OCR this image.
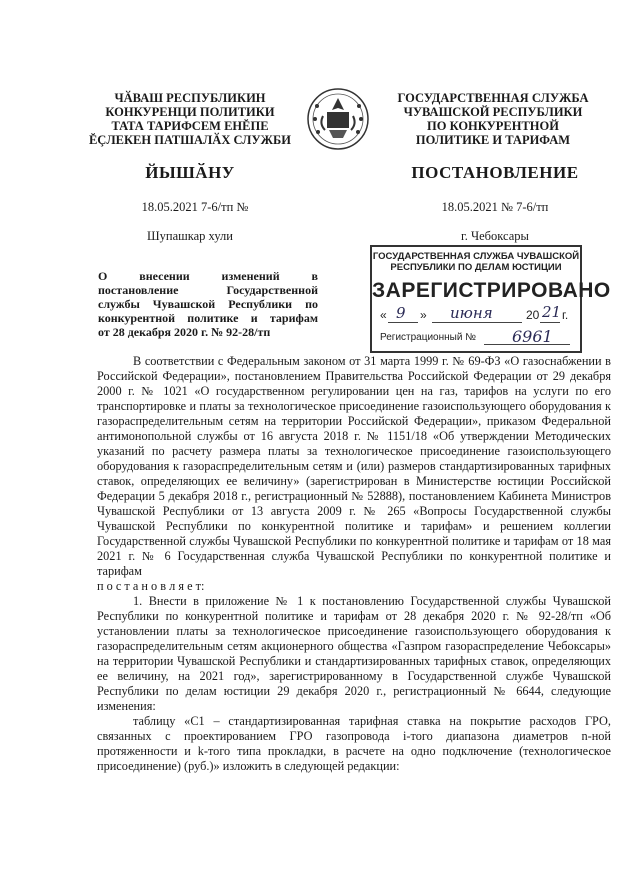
ЧӐВАШ РЕСПУБЛИКИН
КОНКУРЕНЦИ ПОЛИТИКИ
ТАТА ТАРИФСЕМ ЕНĔПЕ
ĔÇЛЕКЕН ПАТШАЛӐХ СЛУЖБИ
ГОСУДАРСТВЕННАЯ СЛУЖБА
ЧУВАШСКОЙ РЕСПУБЛИКИ
ПО КОНКУРЕНТНОЙ
ПОЛИТИКЕ И ТАРИФАМ
ЙЫШӐНУ	ПОСТАНОВЛЕНИЕ
18.05.2021 7-6/тп №	18.05.2021 № 7-6/тп
Шупашкар хули	г. Чебоксары
ГОСУДАРСТВЕННАЯ СЛУЖБА ЧУВАШСКОЙ
РЕСПУБЛИКИ ПО ДЕЛАМ ЮСТИЦИИ
ЗАРЕГИСТРИРОВАНО
« 9 » июня	20 21 г.
Регистрационный № 6961

О внесении изменений в

постановление Государственной

службы Чувашской Республики по

конкурентной политике и тарифам

от 28 декабря 2020 г. № 92-28/тп

В соответствии с Федеральным законом от 31 марта 1999 г. № 69-ФЗ «О газоснабжении в Российской Федерации», постановлением Правительства Российской Федерации от 29 декабря 2000 г. № 1021 «О государственном регулировании цен на газ, тарифов на услуги по его транспортировке и платы за технологическое присоединение газоиспользующего оборудования к газораспределительным сетям на территории Российской Федерации», приказом Федеральной антимонопольной службы от 16 августа 2018 г. № 1151/18 «Об утверждении Методических указаний по расчету размера платы за технологическое присоединение газоиспользующего оборудования к газораспределительным сетям и (или) размеров стандартизированных тарифных ставок, определяющих ее величину» (зарегистрирован в Министерстве юстиции Российской Федерации 5 декабря 2018 г., регистрационный № 52888), постановлением Кабинета Министров Чувашской Республики от 13 августа 2009 г. № 265 «Вопросы Государственной службы Чувашской Республики по конкурентной политике и тарифам» и решением коллегии Государственной службы Чувашской Республики по конкурентной политике и тарифам от 18 мая 2021 г. № 6 Государственная служба Чувашской Республики по конкурентной политике и тарифам

п о с т а н о в л я е т:

1. Внести в приложение № 1 к постановлению Государственной службы Чувашской Республики по конкурентной политике и тарифам от 28 декабря 2020 г. № 92-28/тп «Об установлении платы за технологическое присоединение газоиспользующего оборудования к газораспределительным сетям акционерного общества «Газпром газораспределение Чебоксары» на территории Чувашской Республики и стандартизированных тарифных ставок, определяющих ее величину, на 2021 год», зарегистрированному в Государственной службе Чувашской Республики по делам юстиции 29 декабря 2020 г., регистрационный № 6644, следующие изменения:

таблицу «С1 – стандартизированная тарифная ставка на покрытие расходов ГРО, связанных с проектированием ГРО газопровода i-того диапазона диаметров n-ной протяженности и k-того типа прокладки, в расчете на одно подключение (технологическое присоединение) (руб.)» изложить в следующей редакции:
